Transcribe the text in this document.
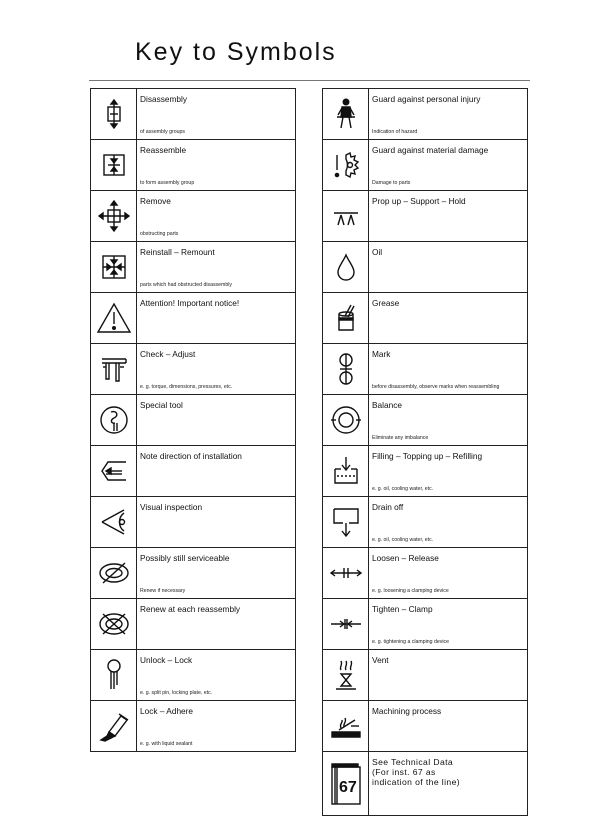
Key to Symbols

Disassembly
of assembly groups

Reassemble
to form assembly group

Remove
obstructing parts

Reinstall – Remount
parts which had obstructed disassembly

Attention! Important notice!

Check – Adjust
e. g. torque, dimensions, pressures, etc.

Special tool

Note direction of installation

Visual inspection

Possibly still serviceable
Renew if necessary

Renew at each reassembly

Unlock – Lock
e. g. split pin, locking plate, etc.

Lock – Adhere
e. g. with liquid sealant

Guard against personal injury
Indication of hazard

Guard against material damage
Damage to parts

Prop up – Support – Hold

Oil

Grease

Mark
before disassembly, observe marks when reassembling

Balance
Eliminate any imbalance

Filling – Topping up – Refilling
e. g. oil, cooling water, etc.

Drain off
e. g. oil, cooling water, etc.

Loosen – Release
e. g. loosening a clamping device

Tighten – Clamp
e. g. tightening a clamping device

Vent

Machining process

67	See Technical Data
(For inst. 67 as
indication of the line)
